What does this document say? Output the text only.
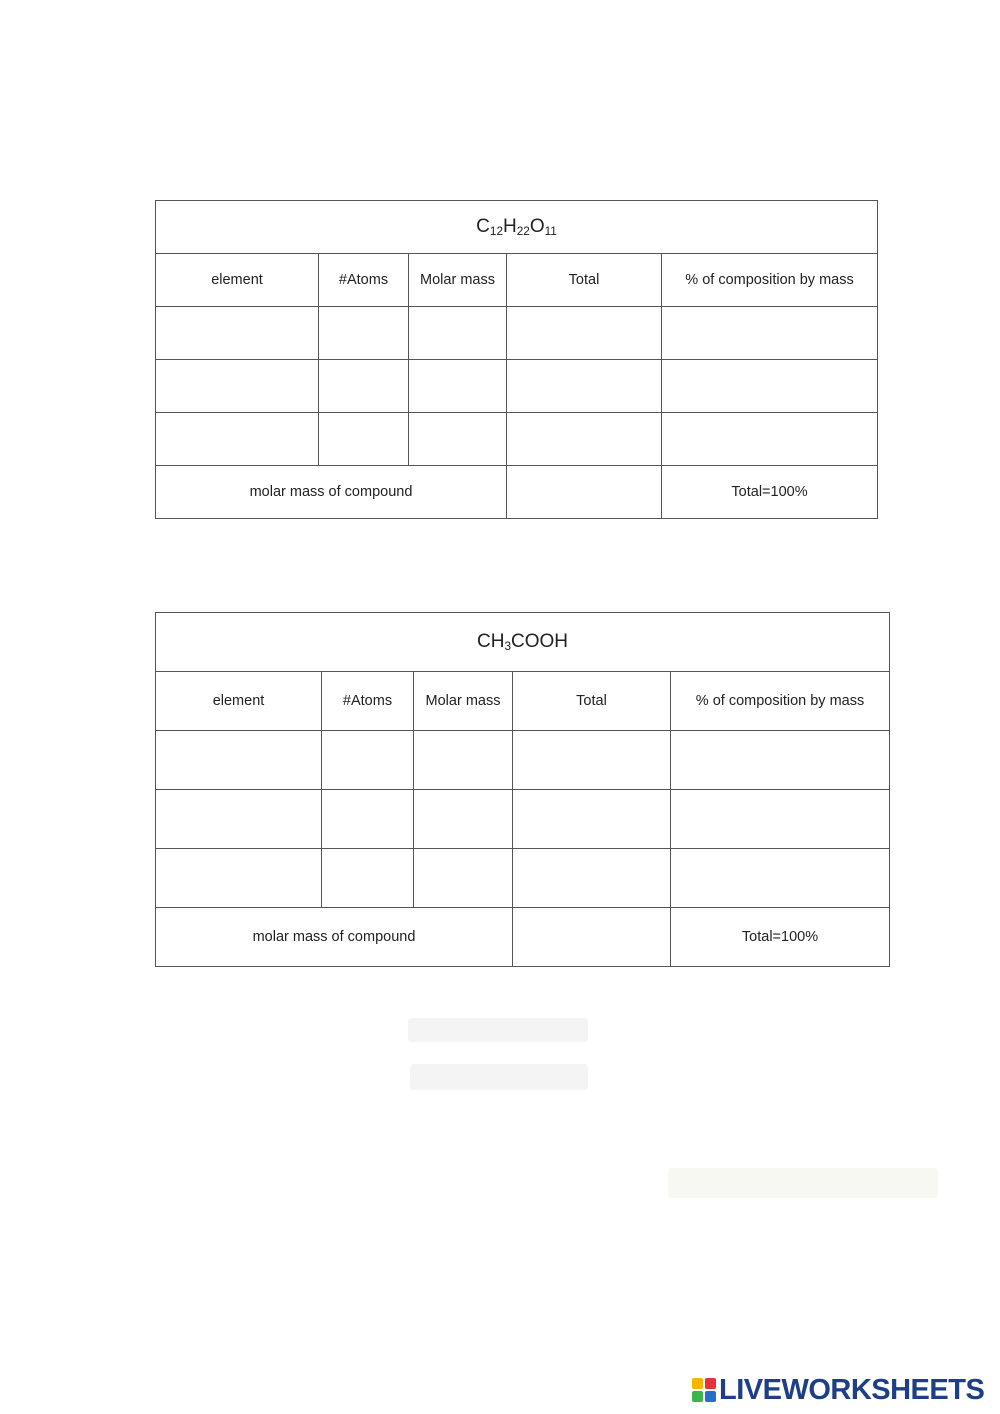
$C_{12}H_{22}O_{11}$
element	#Atoms	Molar mass	Total	% of composition by mass

molar mass of compound				Total=100%
$CH_3COOH$				
element	#Atoms	Molar mass	Total	% of composition by mass

molar mass of compound				Total=100%
LIVEWORKSHEETS
